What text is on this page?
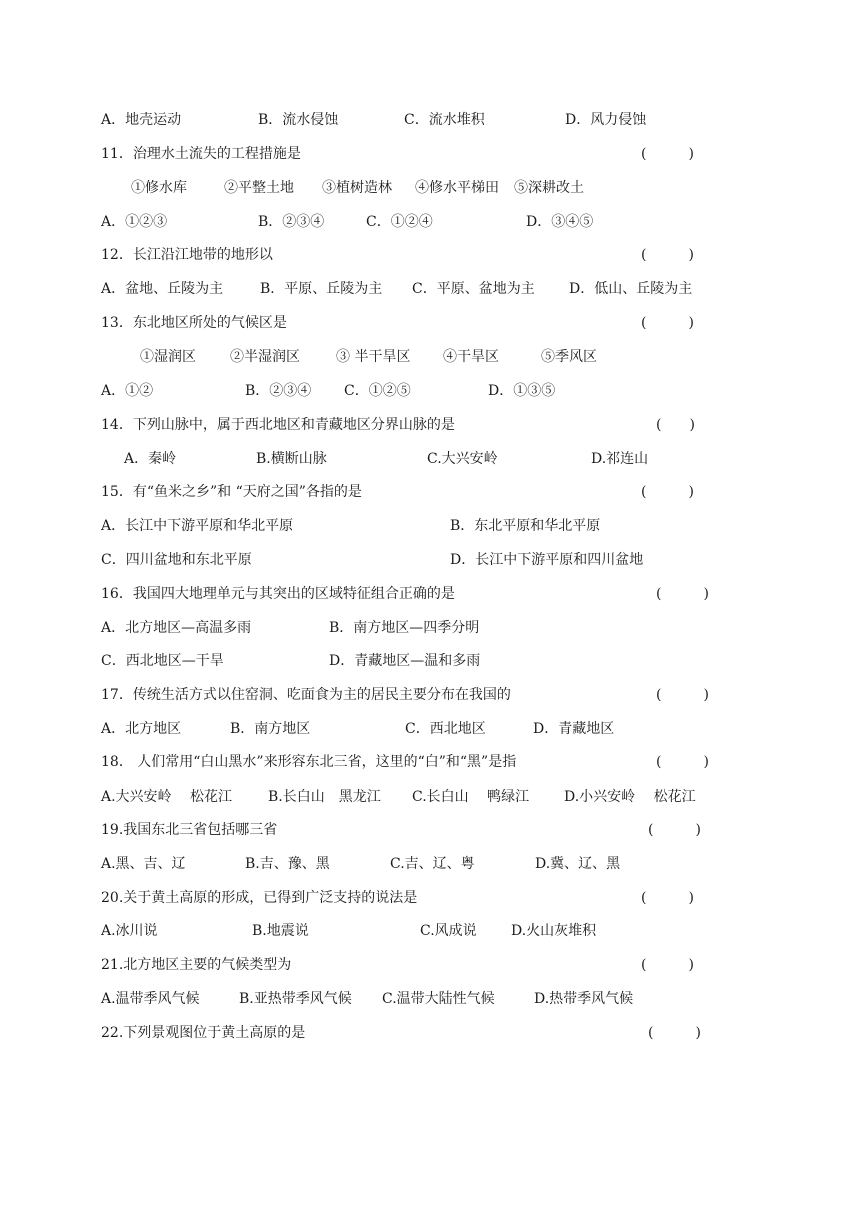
A．地壳运动	B．流水侵蚀	C．流水堆积	D．风力侵蚀
11．治理水土流失的工程措施是	(　　　)
①修水库	②平整土地 ③植树造林 ④修水平梯田 ⑤深耕改土
A．①②③	B．②③④	C．①②④	D．③④⑤
12．长江沿江地带的地形以	(　　　)
A．盆地、丘陵为主	B．平原、丘陵为主 C．平原、盆地为主 D．低山、丘陵为主
13．东北地区所处的气候区是	(　　　)
①湿润区 ②半湿润区	③ 半干旱区 ④干旱区	⑤季风区
A．①②	B．②③④ C．①②⑤	D．①③⑤
14．下列山脉中，属于西北地区和青藏地区分界山脉的是	(　　)
A．秦岭	B.横断山脉	C.大兴安岭	D.祁连山
15．有“鱼米之乡”和 “天府之国”各指的是	(　　　)
A．长江中下游平原和华北平原	B．东北平原和华北平原
C．四川盆地和东北平原	D．长江中下游平原和四川盆地
16．我国四大地理单元与其突出的区域特征组合正确的是	(　　　)
A．北方地区—高温多雨	B．南方地区—四季分明
C．西北地区—干旱	D．青藏地区—温和多雨
17．传统生活方式以住窑洞、吃面食为主的居民主要分布在我国的	(　　　)
A．北方地区	B．南方地区	C．西北地区	D．青藏地区
18． 人们常用“白山黑水”来形容东北三省，这里的“白”和“黑”是指	(　　　)
A.大兴安岭　 松花江	B.长白山　黑龙江 C.长白山　 鸭绿江 D.小兴安岭　 松花江
19.我国东北三省包括哪三省	(　　　)
A.黑、吉、辽	B.吉、豫、黑	C.吉、辽、粤	D.冀、辽、黑
20.关于黄土高原的形成，已得到广泛支持的说法是	(　　　)
A.冰川说	B.地震说	C.风成说 D.火山灰堆积
21.北方地区主要的气候类型为	(　　　)
A.温带季风气候	B.亚热带季风气候 C.温带大陆性气候	D.热带季风气候
22.下列景观图位于黄土高原的是	(　　　)
